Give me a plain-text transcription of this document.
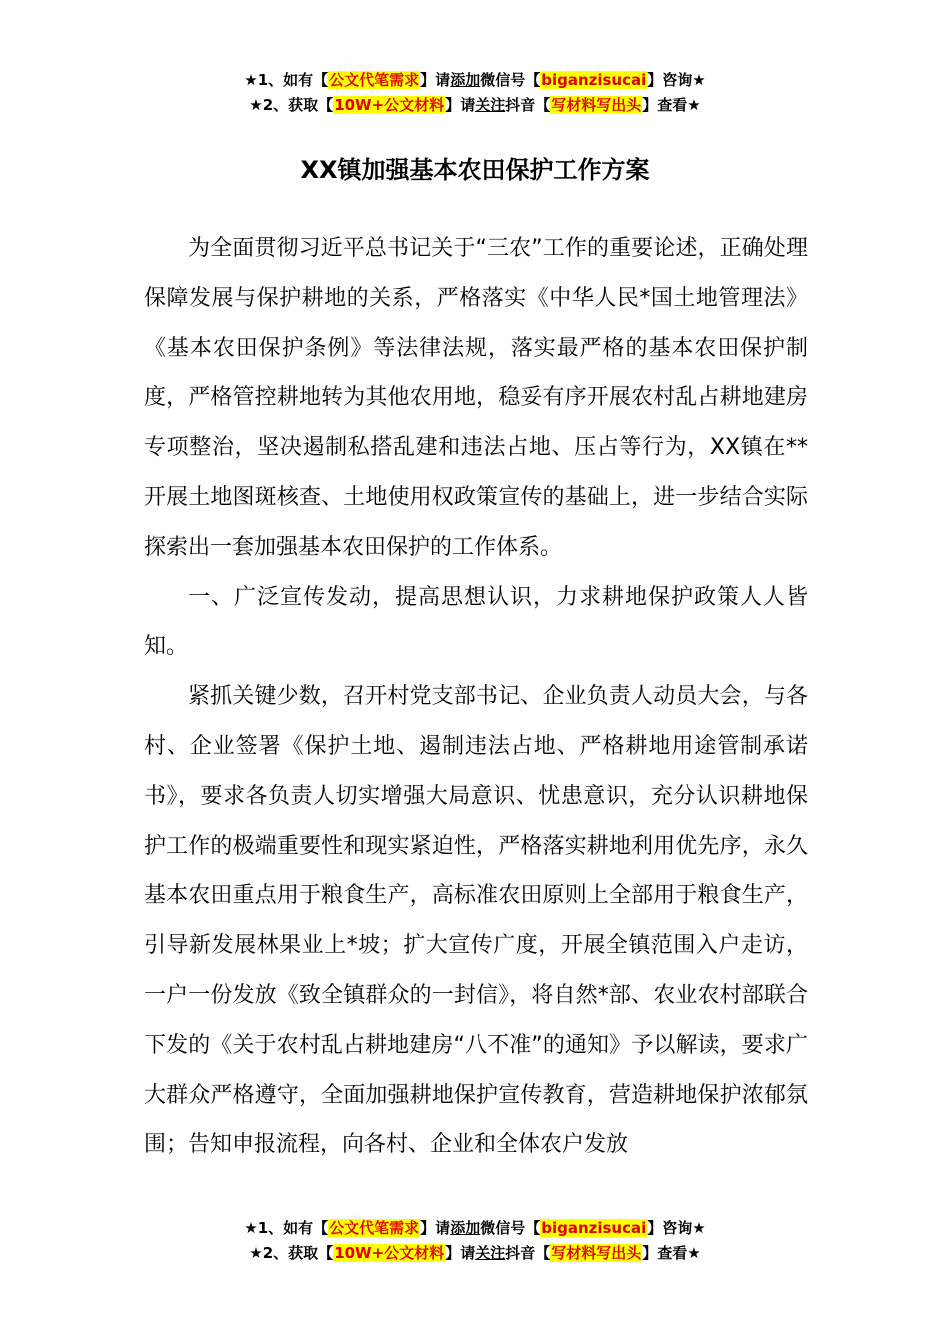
★1、如有【公文代笔需求】请添加微信号【biganzisucai】咨询★
★2、获取【10W+公文材料】请关注抖音【写材料写出头】查看★
XX镇加强基本农田保护工作方案

为全面贯彻习近平总书记关于“三农”工作的重要论述，正确处理保障发展与保护耕地的关系，严格落实《中华人民*国土地管理法》《基本农田保护条例》等法律法规，落实最严格的基本农田保护制度，严格管控耕地转为其他农用地，稳妥有序开展农村乱占耕地建房专项整治，坚决遏制私搭乱建和违法占地、压占等行为，XX镇在**开展土地图斑核查、土地使用权政策宣传的基础上，进一步结合实际探索出一套加强基本农田保护的工作体系。

一、广泛宣传发动，提高思想认识，力求耕地保护政策人人皆知。

紧抓关键少数，召开村党支部书记、企业负责人动员大会，与各村、企业签署《保护土地、遏制违法占地、严格耕地用途管制承诺书》，要求各负责人切实增强大局意识、忧患意识，充分认识耕地保护工作的极端重要性和现实紧迫性，严格落实耕地利用优先序，永久基本农田重点用于粮食生产，高标准农田原则上全部用于粮食生产，引导新发展林果业上*坡；扩大宣传广度，开展全镇范围入户走访，一户一份发放《致全镇群众的一封信》，将自然*部、农业农村部联合下发的《关于农村乱占耕地建房“八不准”的通知》予以解读，要求广大群众严格遵守，全面加强耕地保护宣传教育，营造耕地保护浓郁氛围；告知申报流程，向各村、企业和全体农户发放

★1、如有【公文代笔需求】请添加微信号【biganzisucai】咨询★
★2、获取【10W+公文材料】请关注抖音【写材料写出头】查看★
